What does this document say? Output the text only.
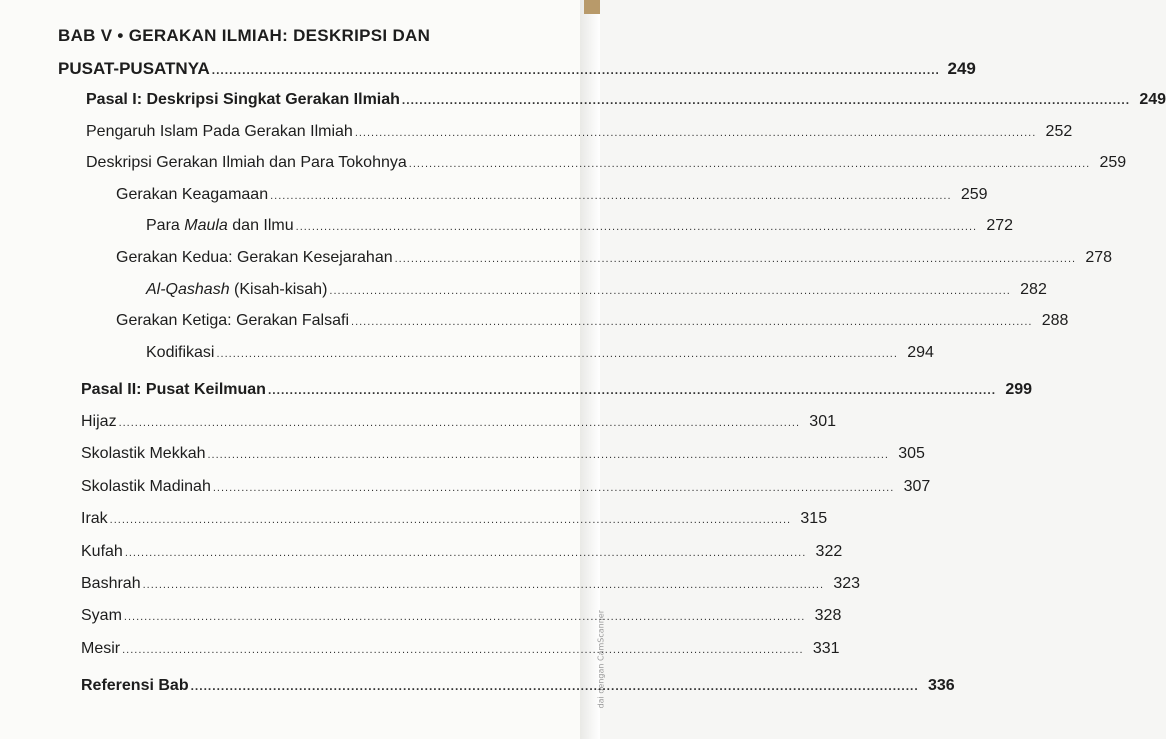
dai dengan CamScanner
BAB V • GERAKAN ILMIAH: DESKRIPSI DAN
PUSAT-PUSATNYA .....	249
Pasal I: Deskripsi Singkat Gerakan Ilmiah .....	249
Pengaruh Islam Pada Gerakan Ilmiah .....	252
Deskripsi Gerakan Ilmiah dan Para Tokohnya .....	259
Gerakan Keagamaan .....	259
Para Maula dan Ilmu .....	272
Gerakan Kedua: Gerakan Kesejarahan .....	278
Al-Qashash (Kisah-kisah) .....	282
Gerakan Ketiga: Gerakan Falsafi .....	288
Kodifikasi .....	294
Pasal II: Pusat Keilmuan .....	299
Hijaz .....	301
Skolastik Mekkah .....	305
Skolastik Madinah .....	307
Irak .....	315
Kufah .....	322
Bashrah .....	323
Syam .....	328
Mesir .....	331
Referensi Bab .....	336
